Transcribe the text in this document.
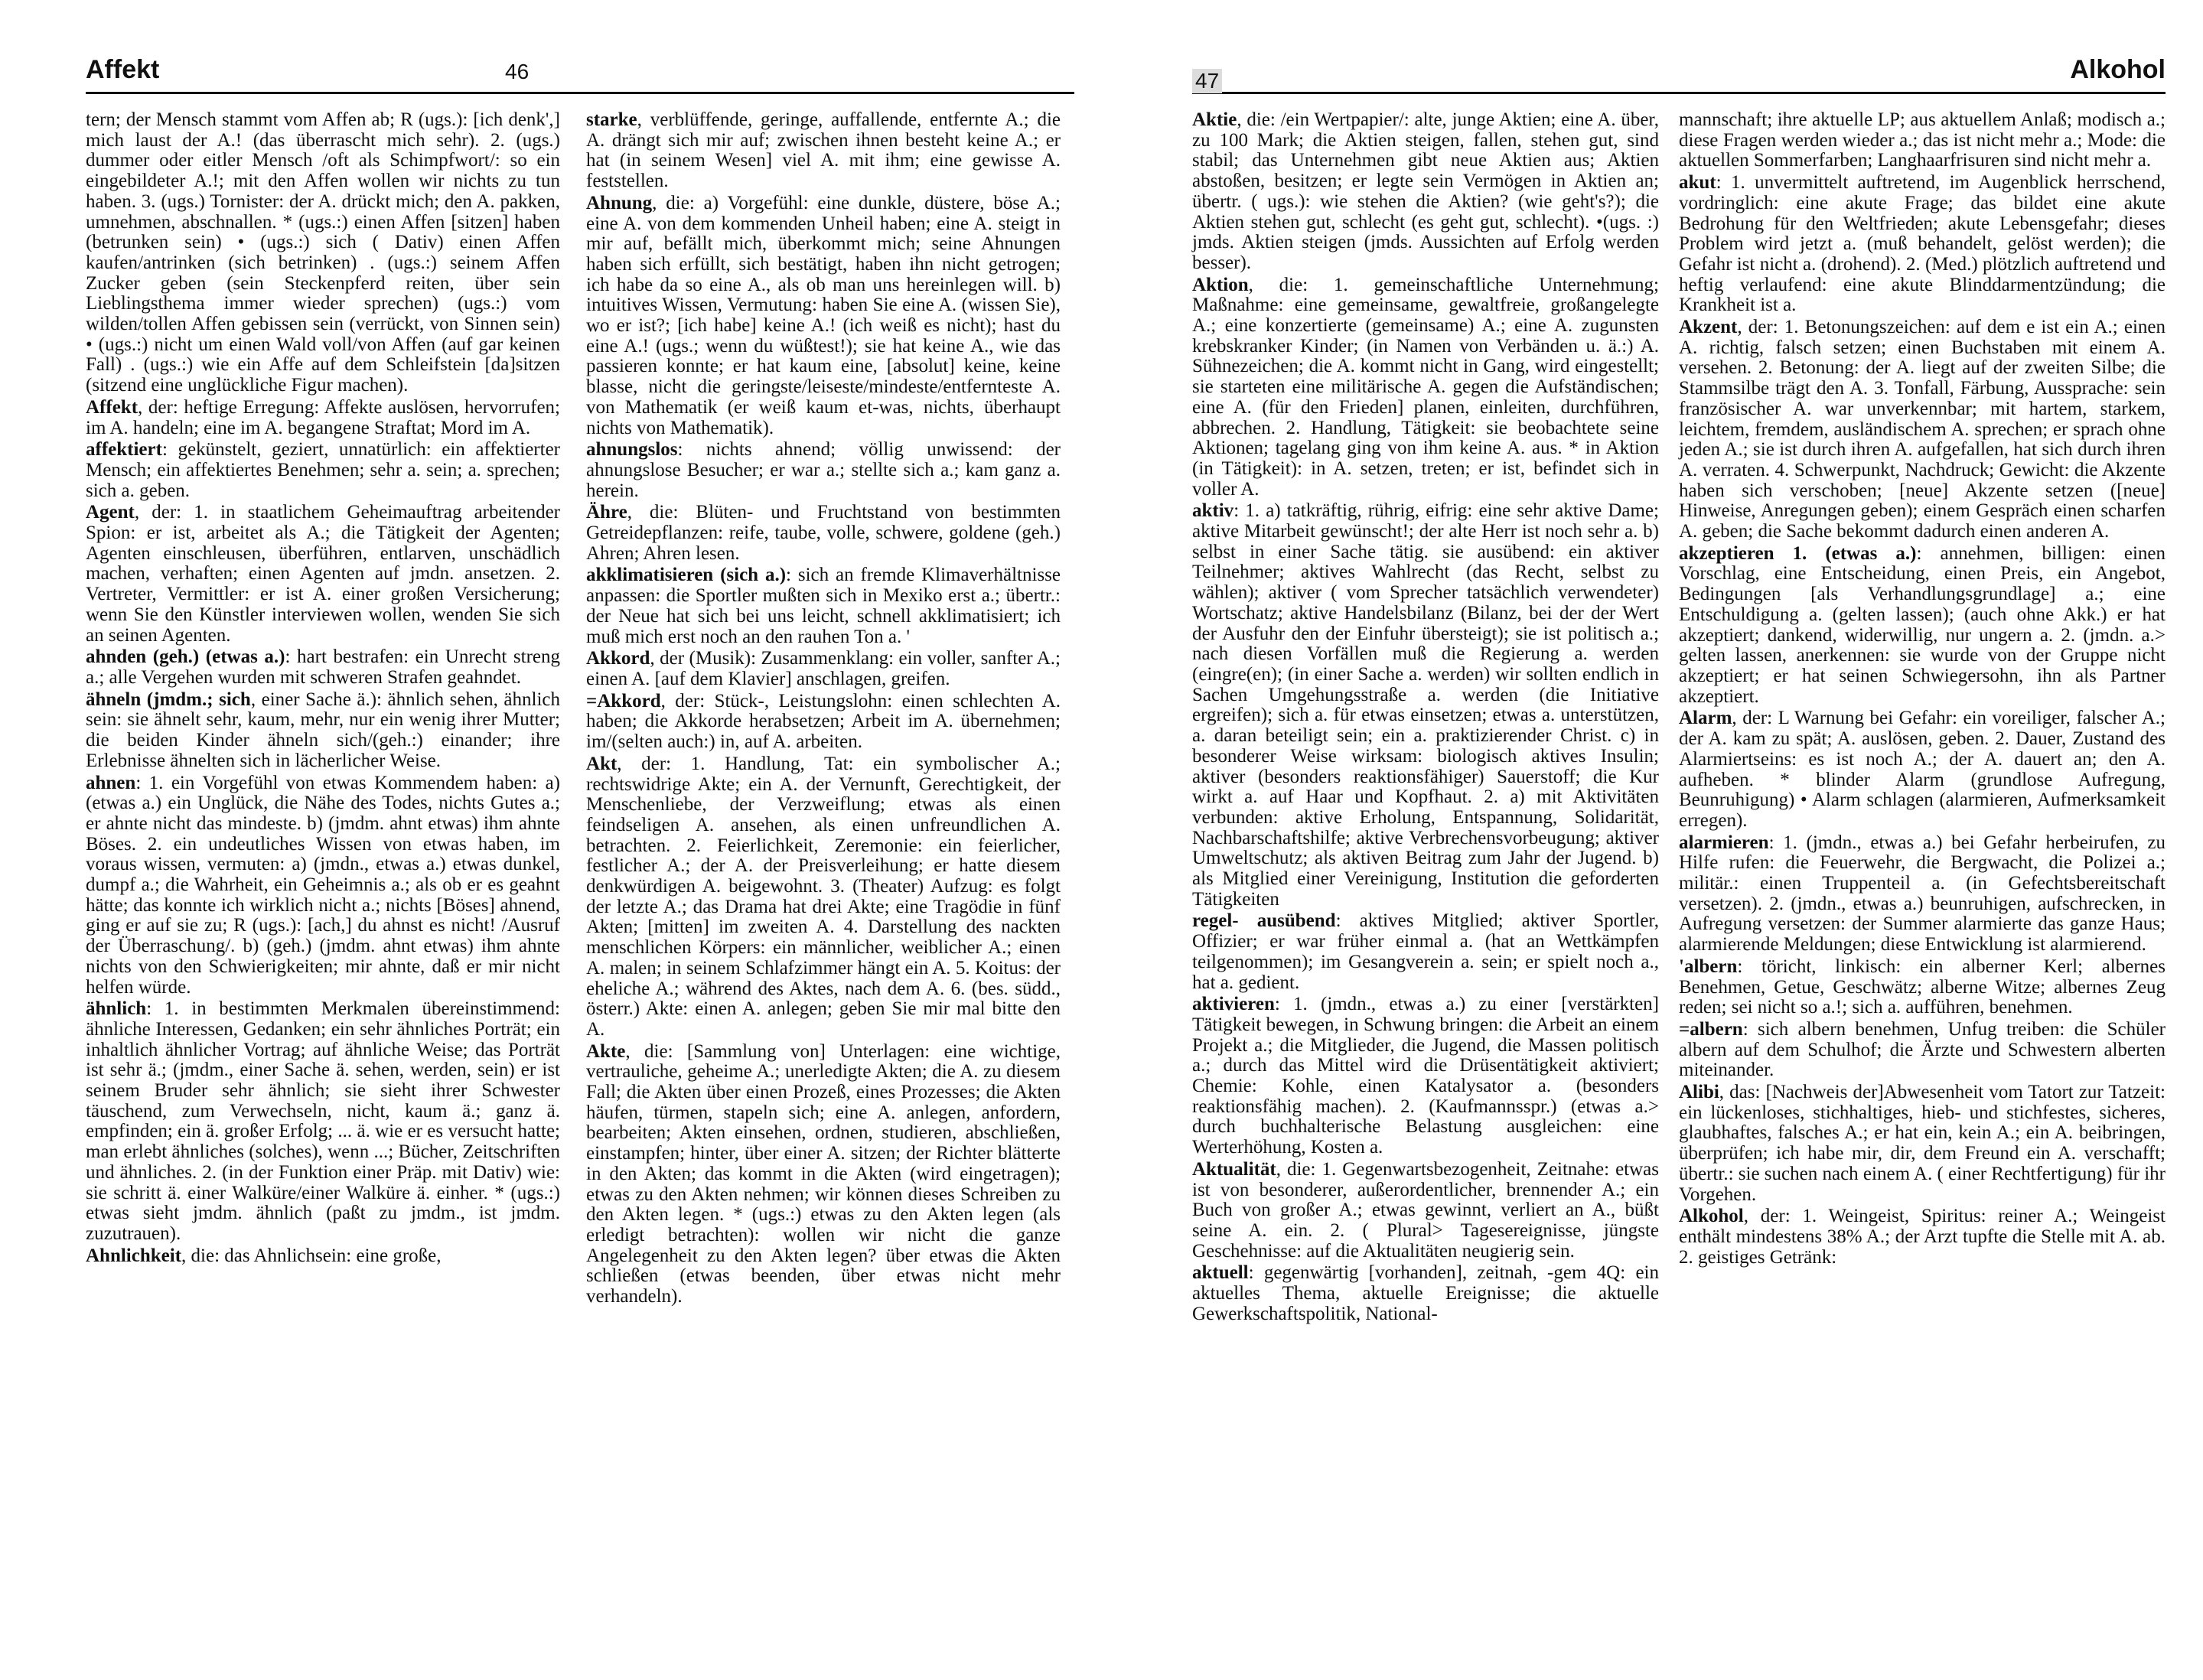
Affekt	46

tern; der Mensch stammt vom Affen ab; R (ugs.): [ich denk',] mich laust der A.! (das überrascht mich sehr). 2. (ugs.) dummer oder eitler Mensch /oft als Schimpfwort/: so ein eingebildeter A.!; mit den Affen wollen wir nichts zu tun haben. 3. (ugs.) Tornister: der A. drückt mich; den A. pakken, umnehmen, abschnallen. * (ugs.:) einen Affen [sitzen] haben (betrunken sein) • (ugs.:) sich ( Dativ) einen Affen kaufen/antrinken (sich betrinken) . (ugs.:) seinem Affen Zucker geben (sein Steckenpferd reiten, über sein Lieblingsthema immer wieder sprechen) (ugs.:) vom wilden/tollen Affen gebissen sein (verrückt, von Sinnen sein) • (ugs.:) nicht um einen Wald voll/von Affen (auf gar keinen Fall) . (ugs.:) wie ein Affe auf dem Schleifstein [da]sitzen (sitzend eine unglückliche Figur machen).

Affekt, der: heftige Erregung: Affekte auslösen, hervorrufen; im A. handeln; eine im A. begangene Straftat; Mord im A.

affektiert: gekünstelt, geziert, unnatürlich: ein affektierter Mensch; ein affektiertes Benehmen; sehr a. sein; a. sprechen; sich a. geben.

Agent, der: 1. in staatlichem Geheimauftrag arbeitender Spion: er ist, arbeitet als A.; die Tätigkeit der Agenten; Agenten einschleusen, überführen, entlarven, unschädlich machen, verhaften; einen Agenten auf jmdn. ansetzen. 2. Vertreter, Vermittler: er ist A. einer großen Versicherung; wenn Sie den Künstler interviewen wollen, wenden Sie sich an seinen Agenten.

ahnden (geh.) (etwas a.): hart bestrafen: ein Unrecht streng a.; alle Vergehen wurden mit schweren Strafen geahndet.

ähneln (jmdm.; sich, einer Sache ä.): ähnlich sehen, ähnlich sein: sie ähnelt sehr, kaum, mehr, nur ein wenig ihrer Mutter; die beiden Kinder ähneln sich/(geh.:) einander; ihre Erlebnisse ähnelten sich in lächerlicher Weise.

ahnen: 1. ein Vorgefühl von etwas Kommendem haben: a) (etwas a.) ein Unglück, die Nähe des Todes, nichts Gutes a.; er ahnte nicht das mindeste. b) (jmdm. ahnt etwas) ihm ahnte Böses. 2. ein undeutliches Wissen von etwas haben, im voraus wissen, vermuten: a) (jmdn., etwas a.) etwas dunkel, dumpf a.; die Wahrheit, ein Geheimnis a.; als ob er es geahnt hätte; das konnte ich wirklich nicht a.; nichts [Böses] ahnend, ging er auf sie zu; R (ugs.): [ach,] du ahnst es nicht! /Ausruf der Überraschung/. b) (geh.) (jmdm. ahnt etwas) ihm ahnte nichts von den Schwierigkeiten; mir ahnte, daß er mir nicht helfen würde.

ähnlich: 1. in bestimmten Merkmalen übereinstimmend: ähnliche Interessen, Gedanken; ein sehr ähnliches Porträt; ein inhaltlich ähnlicher Vortrag; auf ähnliche Weise; das Porträt ist sehr ä.; (jmdm., einer Sache ä. sehen, werden, sein) er ist seinem Bruder sehr ähnlich; sie sieht ihrer Schwester täuschend, zum Verwechseln, nicht, kaum ä.; ganz ä. empfinden; ein ä. großer Erfolg; ... ä. wie er es versucht hatte; man erlebt ähnliches (solches), wenn ...; Bücher, Zeitschriften und ähnliches. 2. (in der Funktion einer Präp. mit Dativ) wie: sie schritt ä. einer Walküre/einer Walküre ä. einher. * (ugs.:) etwas sieht jmdm. ähnlich (paßt zu jmdm., ist jmdm. zuzutrauen).

Ahnlichkeit, die: das Ahnlichsein: eine große,

starke, verblüffende, geringe, auffallende, entfernte A.; die A. drängt sich mir auf; zwischen ihnen besteht keine A.; er hat (in seinem Wesen] viel A. mit ihm; eine gewisse A. feststellen.

Ahnung, die: a) Vorgefühl: eine dunkle, düstere, böse A.; eine A. von dem kommenden Unheil haben; eine A. steigt in mir auf, befällt mich, überkommt mich; seine Ahnungen haben sich erfüllt, sich bestätigt, haben ihn nicht getrogen; ich habe da so eine A., als ob man uns hereinlegen will. b) intuitives Wissen, Vermutung: haben Sie eine A. (wissen Sie), wo er ist?; [ich habe] keine A.! (ich weiß es nicht); hast du eine A.! (ugs.; wenn du wüßtest!); sie hat keine A., wie das passieren konnte; er hat kaum eine, [absolut] keine, keine blasse, nicht die geringste/leiseste/mindeste/entfernteste A. von Mathematik (er weiß kaum et-was, nichts, überhaupt nichts von Mathematik).

ahnungslos: nichts ahnend; völlig unwissend: der ahnungslose Besucher; er war a.; stellte sich a.; kam ganz a. herein.

Ähre, die: Blüten- und Fruchtstand von bestimmten Getreidepflanzen: reife, taube, volle, schwere, goldene (geh.) Ahren; Ahren lesen.

akklimatisieren (sich a.): sich an fremde Klimaverhältnisse anpassen: die Sportler mußten sich in Mexiko erst a.; übertr.: der Neue hat sich bei uns leicht, schnell akklimatisiert; ich muß mich erst noch an den rauhen Ton a. '

Akkord, der (Musik): Zusammenklang: ein voller, sanfter A.; einen A. [auf dem Klavier] anschlagen, greifen.

=Akkord, der: Stück-, Leistungslohn: einen schlechten A. haben; die Akkorde herabsetzen; Arbeit im A. übernehmen; im/(selten auch:) in, auf A. arbeiten.

Akt, der: 1. Handlung, Tat: ein symbolischer A.; rechtswidrige Akte; ein A. der Vernunft, Gerechtigkeit, der Menschenliebe, der Verzweiflung; etwas als einen feindseligen A. ansehen, als einen unfreundlichen A. betrachten. 2. Feierlichkeit, Zeremonie: ein feierlicher, festlicher A.; der A. der Preisverleihung; er hatte diesem denkwürdigen A. beigewohnt. 3. (Theater) Aufzug: es folgt der letzte A.; das Drama hat drei Akte; eine Tragödie in fünf Akten; [mitten] im zweiten A. 4. Darstellung des nackten menschlichen Körpers: ein männlicher, weiblicher A.; einen A. malen; in seinem Schlafzimmer hängt ein A. 5. Koitus: der eheliche A.; während des Aktes, nach dem A. 6. (bes. südd., österr.) Akte: einen A. anlegen; geben Sie mir mal bitte den A.

Akte, die: [Sammlung von] Unterlagen: eine wichtige, vertrauliche, geheime A.; unerledigte Akten; die A. zu diesem Fall; die Akten über einen Prozeß, eines Prozesses; die Akten häufen, türmen, stapeln sich; eine A. anlegen, anfordern, bearbeiten; Akten einsehen, ordnen, studieren, abschließen, einstampfen; hinter, über einer A. sitzen; der Richter blätterte in den Akten; das kommt in die Akten (wird eingetragen); etwas zu den Akten nehmen; wir können dieses Schreiben zu den Akten legen. * (ugs.:) etwas zu den Akten legen (als erledigt betrachten): wollen wir nicht die ganze Angelegenheit zu den Akten legen? über etwas die Akten schließen (etwas beenden, über etwas nicht mehr verhandeln).

47	Alkohol

Aktie, die: /ein Wertpapier/: alte, junge Aktien; eine A. über, zu 100 Mark; die Aktien steigen, fallen, stehen gut, sind stabil; das Unternehmen gibt neue Aktien aus; Aktien abstoßen, besitzen; er legte sein Vermögen in Aktien an; übertr. ( ugs.): wie stehen die Aktien? (wie geht's?); die Aktien stehen gut, schlecht (es geht gut, schlecht). •(ugs. :) jmds. Aktien steigen (jmds. Aussichten auf Erfolg werden besser).

Aktion, die: 1. gemeinschaftliche Unternehmung; Maßnahme: eine gemeinsame, gewaltfreie, großangelegte A.; eine konzertierte (gemeinsame) A.; eine A. zugunsten krebskranker Kinder; (in Namen von Verbänden u. ä.:) A. Sühnezeichen; die A. kommt nicht in Gang, wird eingestellt; sie starteten eine militärische A. gegen die Aufständischen; eine A. (für den Frieden] planen, einleiten, durchführen, abbrechen. 2. Handlung, Tätigkeit: sie beobachtete seine Aktionen; tagelang ging von ihm keine A. aus. * in Aktion (in Tätigkeit): in A. setzen, treten; er ist, befindet sich in voller A.

aktiv: 1. a) tatkräftig, rührig, eifrig: eine sehr aktive Dame; aktive Mitarbeit gewünscht!; der alte Herr ist noch sehr a. b) selbst in einer Sache tätig. sie ausübend: ein aktiver Teilnehmer; aktives Wahlrecht (das Recht, selbst zu wählen); aktiver ( vom Sprecher tatsächlich verwendeter) Wortschatz; aktive Handelsbilanz (Bilanz, bei der der Wert der Ausfuhr den der Einfuhr übersteigt); sie ist politisch a.; nach diesen Vorfällen muß die Regierung a. werden (eingre(en); (in einer Sache a. werden) wir sollten endlich in Sachen Umgehungsstraße a. werden (die Initiative ergreifen); sich a. für etwas einsetzen; etwas a. unterstützen, a. daran beteiligt sein; ein a. praktizierender Christ. c) in besonderer Weise wirksam: biologisch aktives Insulin; aktiver (besonders reaktionsfähiger) Sauerstoff; die Kur wirkt a. auf Haar und Kopfhaut. 2. a) mit Aktivitäten verbunden: aktive Erholung, Entspannung, Solidarität, Nachbarschaftshilfe; aktive Verbrechensvorbeugung; aktiver Umweltschutz; als aktiven Beitrag zum Jahr der Jugend. b) als Mitglied einer Vereinigung, Institution die geforderten Tätigkeiten

regel- ausübend: aktives Mitglied; aktiver Sportler, Offizier; er war früher einmal a. (hat an Wettkämpfen teilgenommen); im Gesangverein a. sein; er spielt noch a., hat a. gedient.

aktivieren: 1. (jmdn., etwas a.) zu einer [verstärkten] Tätigkeit bewegen, in Schwung bringen: die Arbeit an einem Projekt a.; die Mitglieder, die Jugend, die Massen politisch a.; durch das Mittel wird die Drüsentätigkeit aktiviert; Chemie: Kohle, einen Katalysator a. (besonders reaktionsfähig machen). 2. (Kaufmannsspr.) (etwas a.> durch buchhalterische Belastung ausgleichen: eine Werterhöhung, Kosten a.

Aktualität, die: 1. Gegenwartsbezogenheit, Zeitnahe: etwas ist von besonderer, außerordentlicher, brennender A.; ein Buch von großer A.; etwas gewinnt, verliert an A., büßt seine A. ein. 2. ( Plural> Tagesereignisse, jüngste Geschehnisse: auf die Aktualitäten neugierig sein.

aktuell: gegenwärtig [vorhanden], zeitnah, -gem 4Q: ein aktuelles Thema, aktuelle Ereignisse; die aktuelle Gewerkschaftspolitik, National-

mannschaft; ihre aktuelle LP; aus aktuellem Anlaß; modisch a.; diese Fragen werden wieder a.; das ist nicht mehr a.; Mode: die aktuellen Sommerfarben; Langhaarfrisuren sind nicht mehr a.

akut: 1. unvermittelt auftretend, im Augenblick herrschend, vordringlich: eine akute Frage; das bildet eine akute Bedrohung für den Weltfrieden; akute Lebensgefahr; dieses Problem wird jetzt a. (muß behandelt, gelöst werden); die Gefahr ist nicht a. (drohend). 2. (Med.) plötzlich auftretend und heftig verlaufend: eine akute Blinddarmentzündung; die Krankheit ist a.

Akzent, der: 1. Betonungszeichen: auf dem e ist ein A.; einen A. richtig, falsch setzen; einen Buchstaben mit einem A. versehen. 2. Betonung: der A. liegt auf der zweiten Silbe; die Stammsilbe trägt den A. 3. Tonfall, Färbung, Aussprache: sein französischer A. war unverkennbar; mit hartem, starkem, leichtem, fremdem, ausländischem A. sprechen; er sprach ohne jeden A.; sie ist durch ihren A. aufgefallen, hat sich durch ihren A. verraten. 4. Schwerpunkt, Nachdruck; Gewicht: die Akzente haben sich verschoben; [neue] Akzente setzen ([neue] Hinweise, Anregungen geben); einem Gespräch einen scharfen A. geben; die Sache bekommt dadurch einen anderen A.

akzeptieren 1. (etwas a.): annehmen, billigen: einen Vorschlag, eine Entscheidung, einen Preis, ein Angebot, Bedingungen [als Verhandlungsgrundlage] a.; eine Entschuldigung a. (gelten lassen); (auch ohne Akk.) er hat akzeptiert; dankend, widerwillig, nur ungern a. 2. (jmdn. a.> gelten lassen, anerkennen: sie wurde von der Gruppe nicht akzeptiert; er hat seinen Schwiegersohn, ihn als Partner akzeptiert.

Alarm, der: L Warnung bei Gefahr: ein voreiliger, falscher A.; der A. kam zu spät; A. auslösen, geben. 2. Dauer, Zustand des Alarmiertseins: es ist noch A.; der A. dauert an; den A. aufheben. * blinder Alarm (grundlose Aufregung, Beunruhigung) • Alarm schlagen (alarmieren, Aufmerksamkeit erregen).

alarmieren: 1. (jmdn., etwas a.) bei Gefahr herbeirufen, zu Hilfe rufen: die Feuerwehr, die Bergwacht, die Polizei a.; militär.: einen Truppenteil a. (in Gefechtsbereitschaft versetzen). 2. (jmdn., etwas a.) beunruhigen, aufschrecken, in Aufregung versetzen: der Summer alarmierte das ganze Haus; alarmierende Meldungen; diese Entwicklung ist alarmierend.

'albern: töricht, linkisch: ein alberner Kerl; albernes Benehmen, Getue, Geschwätz; alberne Witze; albernes Zeug reden; sei nicht so a.!; sich a. aufführen, benehmen.

=albern: sich albern benehmen, Unfug treiben: die Schüler albern auf dem Schulhof; die Ärzte und Schwestern alberten miteinander.

Alibi, das: [Nachweis der]Abwesenheit vom Tatort zur Tatzeit: ein lückenloses, stichhaltiges, hieb- und stichfestes, sicheres, glaubhaftes, falsches A.; er hat ein, kein A.; ein A. beibringen, überprüfen; ich habe mir, dir, dem Freund ein A. verschafft; übertr.: sie suchen nach einem A. ( einer Rechtfertigung) für ihr Vorgehen.

Alkohol, der: 1. Weingeist, Spiritus: reiner A.; Weingeist enthält mindestens 38% A.; der Arzt tupfte die Stelle mit A. ab. 2. geistiges Getränk:
